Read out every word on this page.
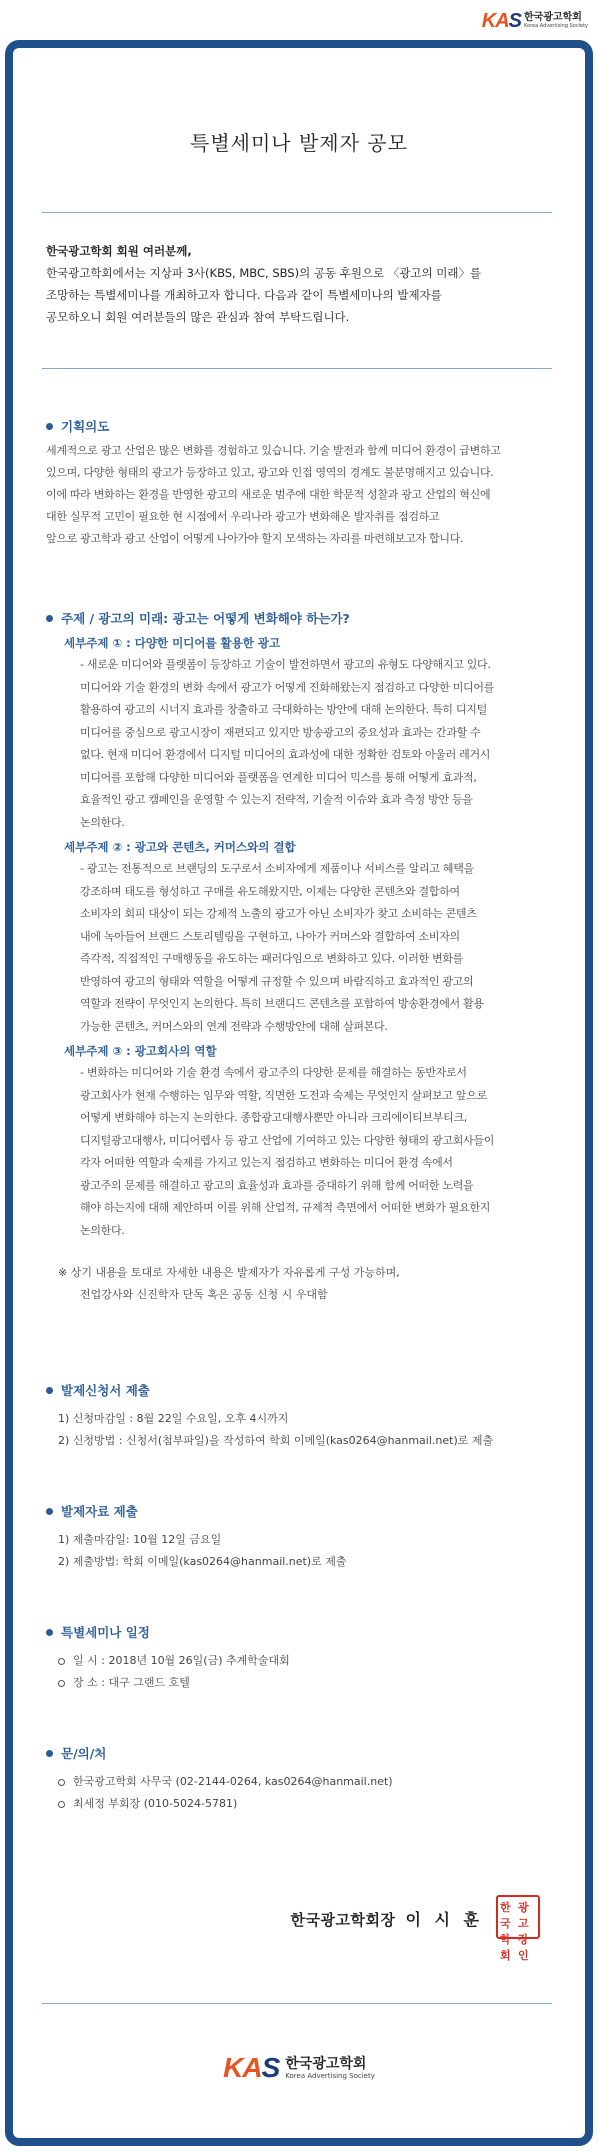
KAS 한국광고학회
Korea Advertising Society
특별세미나 발제자 공모
한국광고학회 회원 여러분께,
한국광고학회에서는 지상파 3사(KBS, MBC, SBS)의 공동 후원으로 〈광고의 미래〉를
조망하는 특별세미나를 개최하고자 합니다. 다음과 같이 특별세미나의 발제자를
공모하오니 회원 여러분들의 많은 관심과 참여 부탁드립니다.
기획의도
세계적으로 광고 산업은 많은 변화를 경험하고 있습니다. 기술 발전과 함께 미디어 환경이 급변하고
있으며, 다양한 형태의 광고가 등장하고 있고, 광고와 인접 영역의 경계도 불분명해지고 있습니다.
이에 따라 변화하는 환경을 반영한 광고의 새로운 범주에 대한 학문적 성찰과 광고 산업의 혁신에
대한 실무적 고민이 필요한 현 시점에서 우리나라 광고가 변화해온 발자취를 점검하고
앞으로 광고학과 광고 산업이 어떻게 나아가야 할지 모색하는 자리를 마련해보고자 합니다.
주제 / 광고의 미래: 광고는 어떻게 변화해야 하는가?
세부주제 ① : 다양한 미디어를 활용한 광고
- 새로운 미디어와 플랫폼이 등장하고 기술이 발전하면서 광고의 유형도 다양해지고 있다.
미디어와 기술 환경의 변화 속에서 광고가 어떻게 진화해왔는지 점검하고 다양한 미디어를
활용하여 광고의 시너지 효과를 창출하고 극대화하는 방안에 대해 논의한다. 특히 디지털
미디어를 중심으로 광고시장이 재편되고 있지만 방송광고의 중요성과 효과는 간과할 수
없다. 현재 미디어 환경에서 디지털 미디어의 효과성에 대한 정확한 검토와 아울러 레거시
미디어를 포함해 다양한 미디어와 플랫폼을 연계한 미디어 믹스를 통해 어떻게 효과적,
효율적인 광고 캠페인을 운영할 수 있는지 전략적, 기술적 이슈와 효과 측정 방안 등을
논의한다.
세부주제 ② : 광고와 콘텐츠, 커머스와의 결합
- 광고는 전통적으로 브랜딩의 도구로서 소비자에게 제품이나 서비스를 알리고 혜택을
강조하며 태도를 형성하고 구매를 유도해왔지만, 이제는 다양한 콘텐츠와 결합하여
소비자의 회피 대상이 되는 강제적 노출의 광고가 아닌 소비자가 찾고 소비하는 콘텐츠
내에 녹아들어 브랜드 스토리텔링을 구현하고, 나아가 커머스와 결합하여 소비자의
즉각적, 직접적인 구매행동을 유도하는 패러다임으로 변화하고 있다. 이러한 변화를
반영하여 광고의 형태와 역할을 어떻게 규정할 수 있으며 바람직하고 효과적인 광고의
역할과 전략이 무엇인지 논의한다. 특히 브랜디드 콘텐츠를 포함하여 방송환경에서 활용
가능한 콘텐츠, 커머스와의 연계 전략과 수행방안에 대해 살펴본다.
세부주제 ③ : 광고회사의 역할
- 변화하는 미디어와 기술 환경 속에서 광고주의 다양한 문제를 해결하는 동반자로서
광고회사가 현재 수행하는 임무와 역할, 직면한 도전과 숙제는 무엇인지 살펴보고 앞으로
어떻게 변화해야 하는지 논의한다. 종합광고대행사뿐만 아니라 크리에이티브부티크,
디지털광고대행사, 미디어렙사 등 광고 산업에 기여하고 있는 다양한 형태의 광고회사들이
각자 어떠한 역할과 숙제를 가지고 있는지 점검하고 변화하는 미디어 환경 속에서
광고주의 문제를 해결하고 광고의 효율성과 효과를 증대하기 위해 함께 어떠한 노력을
해야 하는지에 대해 제안하며 이를 위해 산업적, 규제적 측면에서 어떠한 변화가 필요한지
논의한다.
※ 상기 내용을 토대로 자세한 내용은 발제자가 자유롭게 구성 가능하며,
전업강사와 신진학자 단독 혹은 공동 신청 시 우대함
발제신청서 제출
1) 신청마감일 : 8월 22일 수요일, 오후 4시까지
2) 신청방법 : 신청서(첨부파일)을 작성하여 학회 이메일(kas0264@hanmail.net)로 제출
발제자료 제출
1) 제출마감일: 10월 12일 금요일
2) 제출방법: 학회 이메일(kas0264@hanmail.net)로 제출
특별세미나 일정
일 시 : 2018년 10월 26일(금) 추계학술대회
장 소 : 대구 그랜드 호텔
문/의/처
한국광고학회 사무국 (02-2144-0264, kas0264@hanmail.net)
최세정 부회장 (010-5024-5781)
한국광고학회장 이 시 훈
한국
광고
학회
장인
KAS 한국광고학회
Korea Advertising Society
